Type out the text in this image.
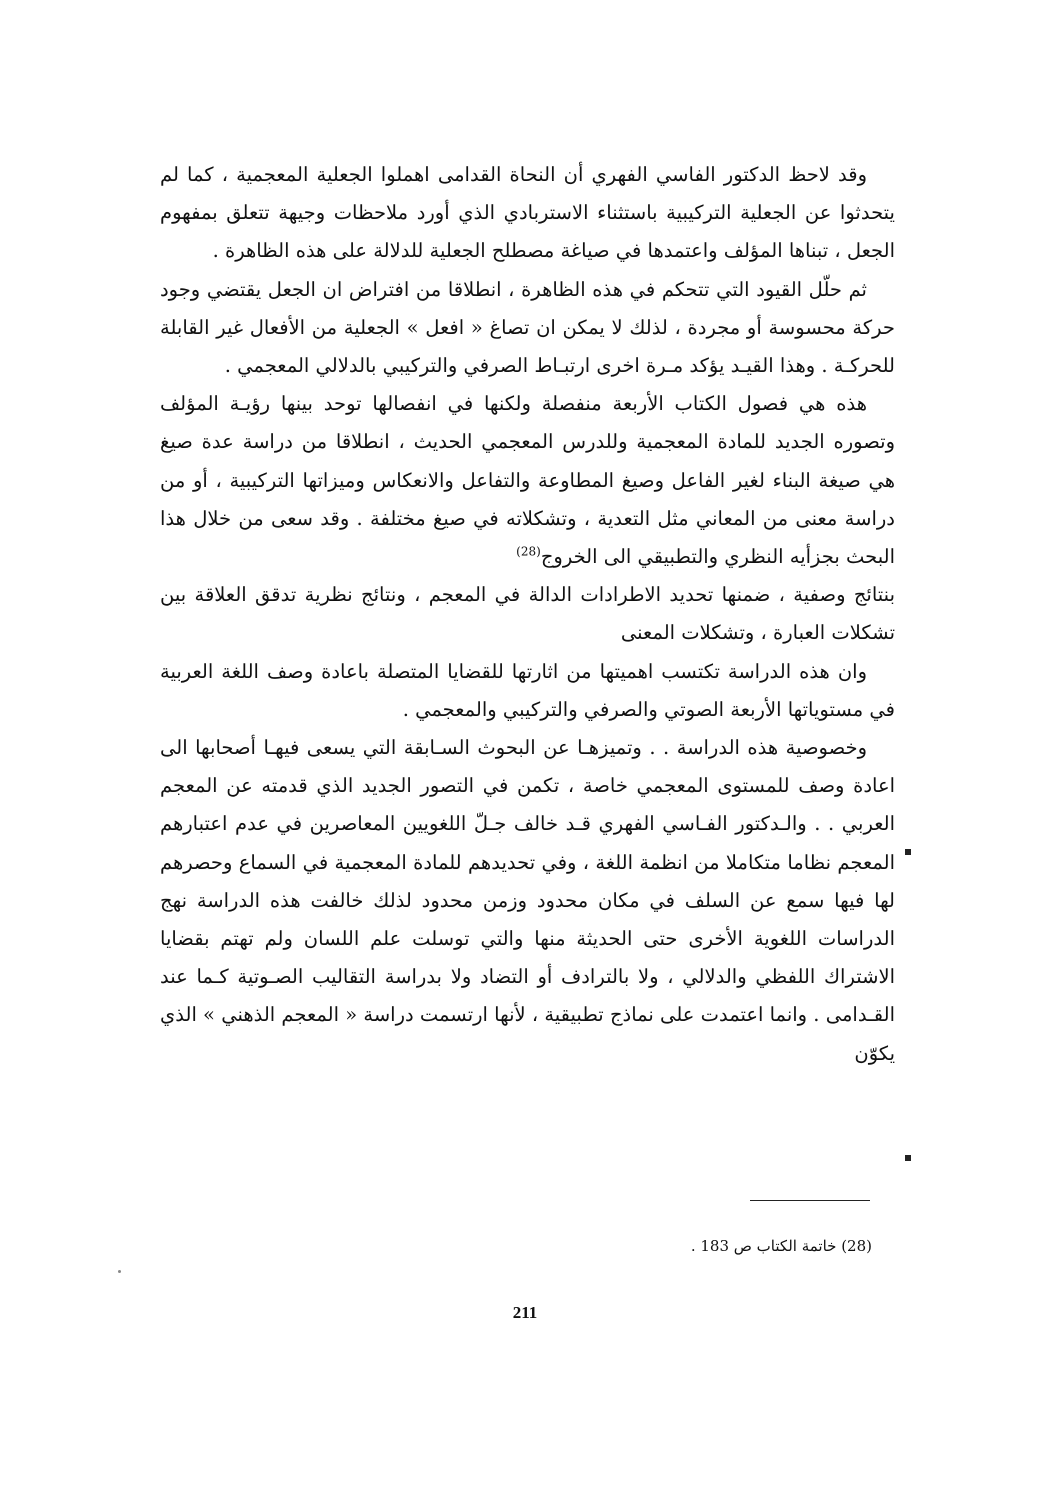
وقد لاحظ الدكتور الفاسي الفهري أن النحاة القدامى اهملوا الجعلية المعجمية ، كما لم يتحدثوا عن الجعلية التركيبية باستثناء الاستربادي الذي أورد ملاحظات وجيهة تتعلق بمفهوم الجعل ، تبناها المؤلف واعتمدها في صياغة مصطلح الجعلية للدلالة على هذه الظاهرة .

ثم حلّل القيود التي تتحكم في هذه الظاهرة ، انطلاقا من افتراض ان الجعل يقتضي وجود حركة محسوسة أو مجردة ، لذلك لا يمكن ان تصاغ « افعل » الجعلية من الأفعال غير القابلة للحركـة . وهذا القيـد يؤكد مـرة اخرى ارتبـاط الصرفي والتركيبي بالدلالي المعجمي .

هذه هي فصول الكتاب الأربعة منفصلة ولكنها في انفصالها توحد بينها رؤيـة المؤلف وتصوره الجديد للمادة المعجمية وللدرس المعجمي الحديث ، انطلاقا من دراسة عدة صيغ هي صيغة البناء لغير الفاعل وصيغ المطاوعة والتفاعل والانعكاس وميزاتها التركيبية ، أو من دراسة معنى من المعاني مثل التعدية ، وتشكلاته في صيغ مختلفة . وقد سعى من خلال هذا البحث بجزأيه النظري والتطبيقي الى الخروج$^{(28)}$

بنتائج وصفية ، ضمنها تحديد الاطرادات الدالة في المعجم ، ونتائج نظرية تدقق العلاقة بين تشكلات العبارة ، وتشكلات المعنى

وان هذه الدراسة تكتسب اهميتها من اثارتها للقضايا المتصلة باعادة وصف اللغة العربية في مستوياتها الأربعة الصوتي والصرفي والتركيبي والمعجمي .

وخصوصية هذه الدراسة . . وتميزهـا عن البحوث السـابقة التي يسعى فيهـا أصحابها الى اعادة وصف للمستوى المعجمي خاصة ، تكمن في التصور الجديد الذي قدمته عن المعجم العربي . . والـدكتور الفـاسي الفهري قـد خالف جـلّ اللغويين المعاصرين في عدم اعتبارهم المعجم نظاما متكاملا من انظمة اللغة ، وفي تحديدهم للمادة المعجمية في السماع وحصرهم لها فيها سمع عن السلف في مكان محدود وزمن محدود لذلك خالفت هذه الدراسة نهج الدراسات اللغوية الأخرى حتى الحديثة منها والتي توسلت علم اللسان ولم تهتم بقضايا الاشتراك اللفظي والدلالي ، ولا بالترادف أو التضاد ولا بدراسة التقاليب الصـوتية كـما عند القـدامى . وانما اعتمدت على نماذج تطبيقية ، لأنها ارتسمت دراسة « المعجم الذهني » الذي يكوّن

(28) خاتمة الكتاب ص 183 .
211
